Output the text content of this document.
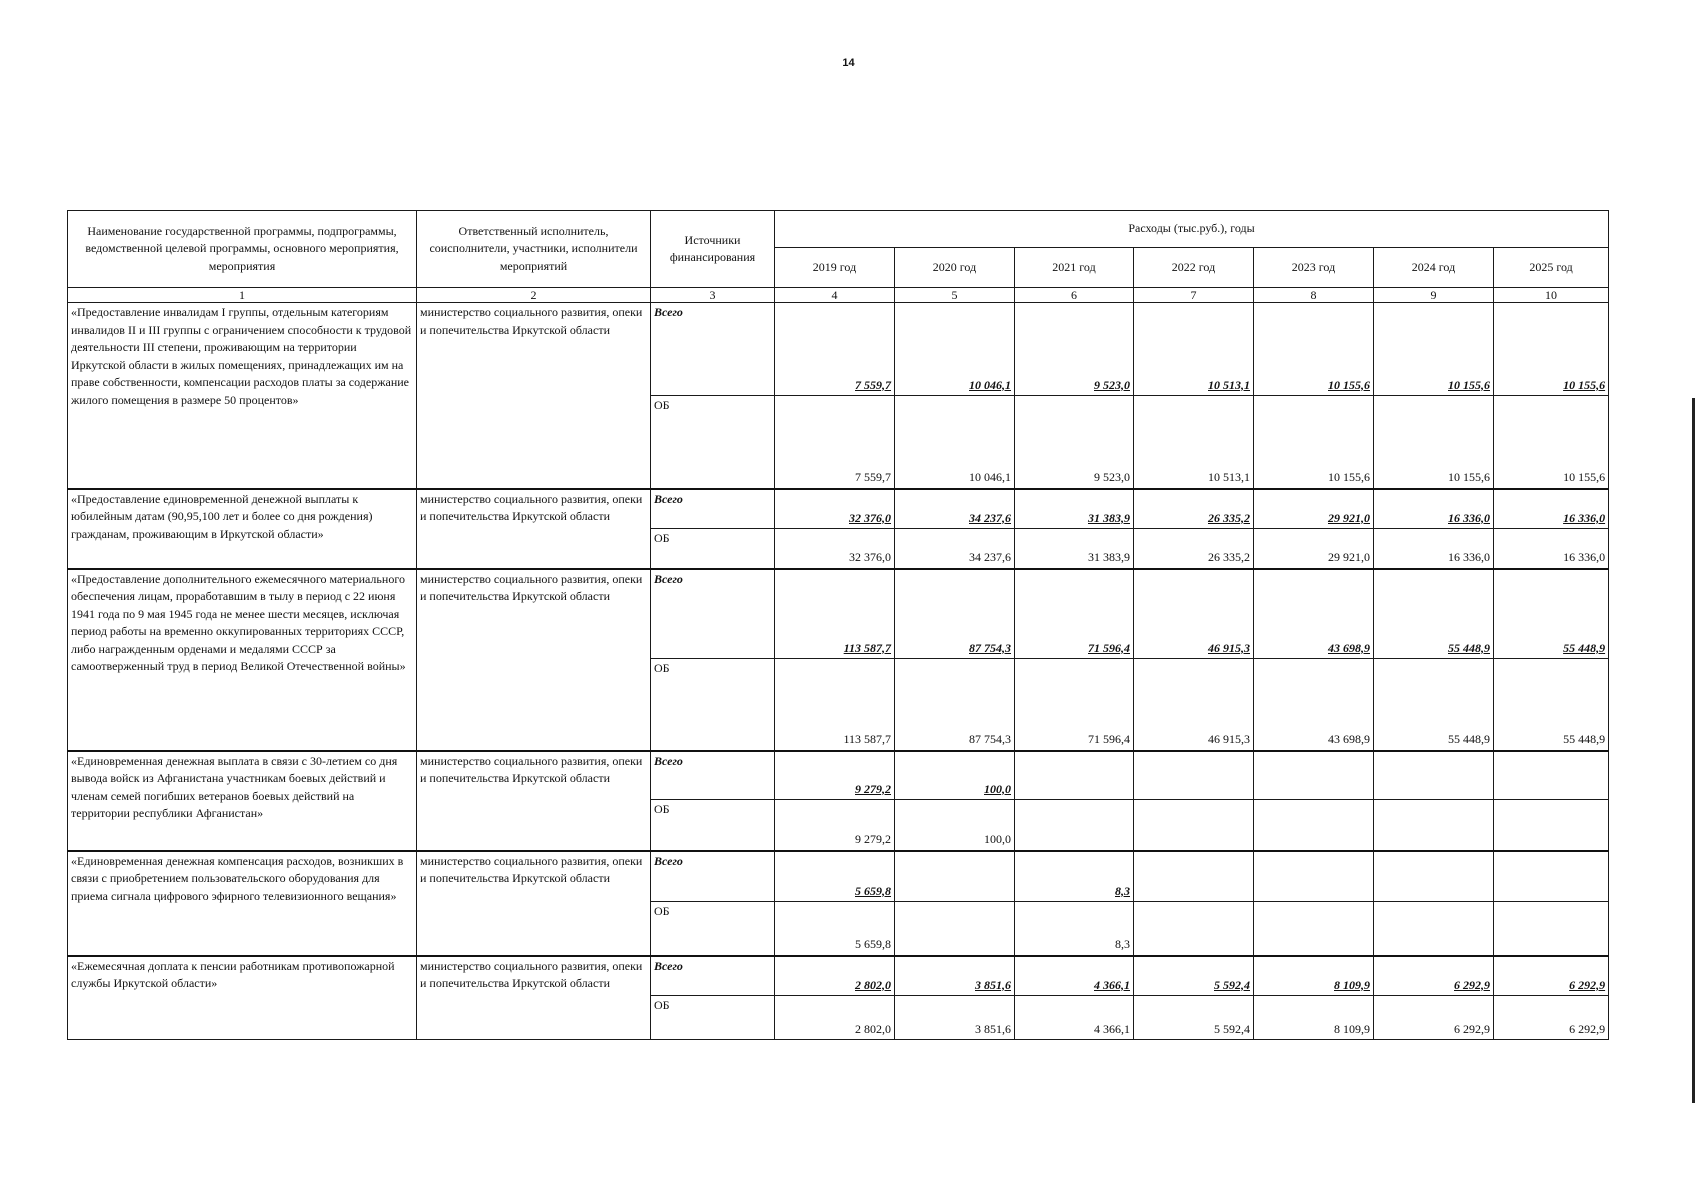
14
Наименование государственной программы, подпрограммы, ведомственной целевой программы, основного мероприятия, мероприятия	Ответственный исполнитель, соисполнители, участники, исполнители мероприятий	Источники финансирования	Расходы (тыс.руб.), годы						
			2019 год	2020 год	2021 год	2022 год	2023 год	2024 год	2025 год
1	2	3	4	5	6	7	8	9	10
«Предоставление инвалидам I группы, отдельным категориям инвалидов II и III группы с ограничением способности к трудовой деятельности III степени, проживающим на территории Иркутской области в жилых помещениях, принадлежащих им на праве собственности, компенсации расходов платы за содержание жилого помещения в размере 50 процентов»	министерство социального развития, опеки и попечительства Иркутской области	Всего	7 559,7	10 046,1	9 523,0	10 513,1	10 155,6	10 155,6	10 155,6
		ОБ	7 559,7	10 046,1	9 523,0	10 513,1	10 155,6	10 155,6	10 155,6
«Предоставление единовременной денежной выплаты к юбилейным датам (90,95,100 лет и более со дня рождения) гражданам, проживающим в Иркутской области»	министерство социального развития, опеки и попечительства Иркутской области	Всего	32 376,0	34 237,6	31 383,9	26 335,2	29 921,0	16 336,0	16 336,0
		ОБ	32 376,0	34 237,6	31 383,9	26 335,2	29 921,0	16 336,0	16 336,0
«Предоставление дополнительного ежемесячного материального обеспечения лицам, проработавшим в тылу в период с 22 июня 1941 года по 9 мая 1945 года не менее шести месяцев, исключая период работы на временно оккупированных территориях СССР, либо награжденным орденами и медалями СССР за самоотверженный труд в период Великой Отечественной войны»	министерство социального развития, опеки и попечительства Иркутской области	Всего	113 587,7	87 754,3	71 596,4	46 915,3	43 698,9	55 448,9	55 448,9
		ОБ	113 587,7	87 754,3	71 596,4	46 915,3	43 698,9	55 448,9	55 448,9
«Единовременная денежная выплата в связи с 30-летием со дня вывода войск из Афганистана участникам боевых действий и членам семей погибших ветеранов боевых действий на территории республики Афганистан»	министерство социального развития, опеки и попечительства Иркутской области	Всего	9 279,2	100,0					
		ОБ	9 279,2	100,0					
«Единовременная денежная компенсация расходов, возникших в связи с приобретением пользовательского оборудования для приема сигнала цифрового эфирного телевизионного вещания»	министерство социального развития, опеки и попечительства Иркутской области	Всего	5 659,8		8,3				
		ОБ	5 659,8		8,3				
«Ежемесячная доплата к пенсии работникам противопожарной службы Иркутской области»	министерство социального развития, опеки и попечительства Иркутской области	Всего	2 802,0	3 851,6	4 366,1	5 592,4	8 109,9	6 292,9	6 292,9
		ОБ	2 802,0	3 851,6	4 366,1	5 592,4	8 109,9	6 292,9	6 292,9
